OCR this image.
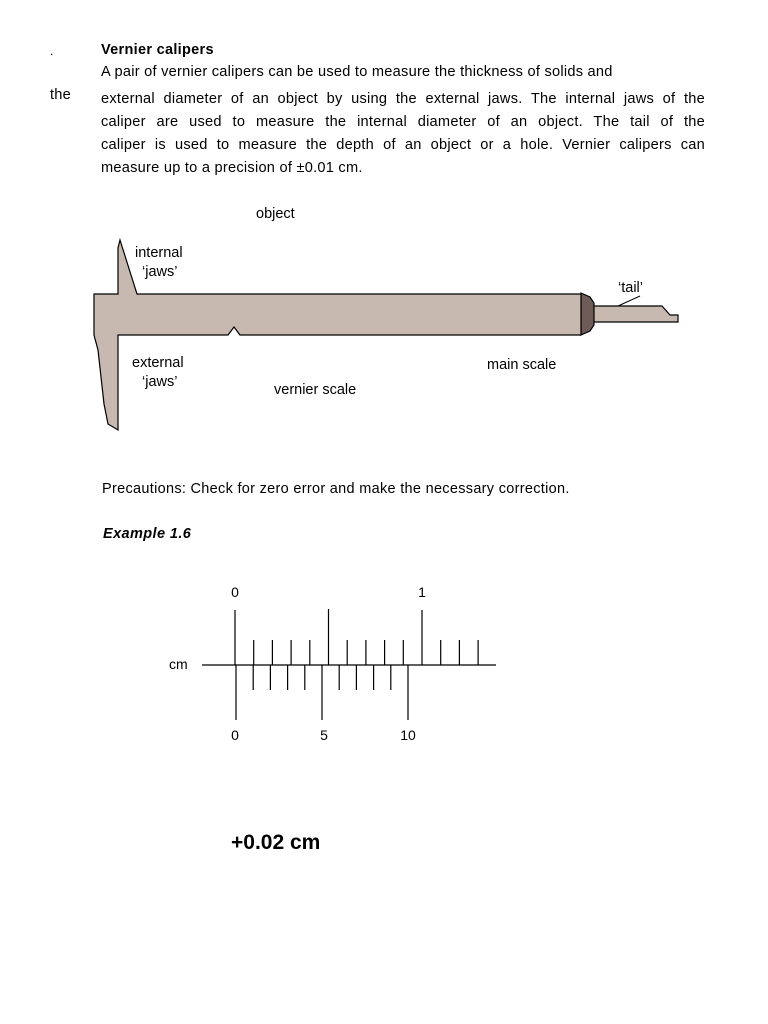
.
the
Vernier calipers

A pair of vernier calipers can be used to measure the thickness of solids and

external diameter of an object by using the external jaws. The internal jaws of the

caliper are used to measure the internal diameter of an object. The tail of the

caliper is used to measure the depth of an object or a hole. Vernier calipers can

measure up to a precision of ±0.01 cm.

object
internal
‘jaws’
‘tail’
external
‘jaws’
main scale
vernier scale
Precautions: Check for zero error and make the necessary correction.
Example 1.6
cm
0	1
0	5	10
+0.02 cm
